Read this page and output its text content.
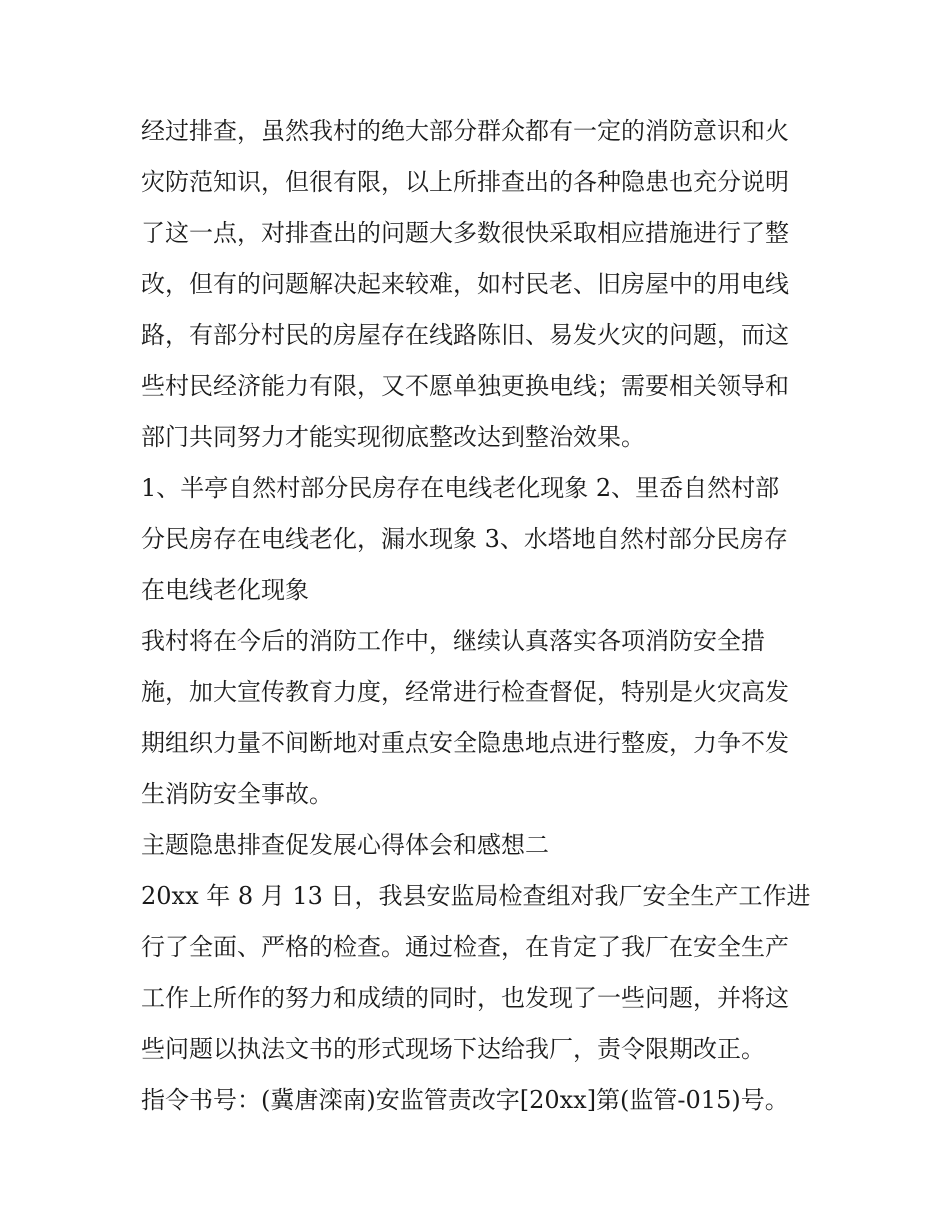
经过排查，虽然我村的绝大部分群众都有一定的消防意识和火
灾防范知识，但很有限，以上所排查出的各种隐患也充分说明
了这一点，对排查出的问题大多数很快采取相应措施进行了整
改，但有的问题解决起来较难，如村民老、旧房屋中的用电线
路，有部分村民的房屋存在线路陈旧、易发火灾的问题，而这
些村民经济能力有限，又不愿单独更换电线；需要相关领导和
部门共同努力才能实现彻底整改达到整治效果。
1、半亭自然村部分民房存在电线老化现象 2、里岙自然村部
分民房存在电线老化，漏水现象 3、水塔地自然村部分民房存
在电线老化现象
我村将在今后的消防工作中，继续认真落实各项消防安全措
施，加大宣传教育力度，经常进行检查督促，特别是火灾高发
期组织力量不间断地对重点安全隐患地点进行整废，力争不发
生消防安全事故。
主题隐患排查促发展心得体会和感想二
20xx 年 8 月 13 日，我县安监局检查组对我厂安全生产工作进
行了全面、严格的检查。通过检查，在肯定了我厂在安全生产
工作上所作的努力和成绩的同时，也发现了一些问题，并将这
些问题以执法文书的形式现场下达给我厂，责令限期改正。
指令书号：(冀唐滦南)安监管责改字[20xx]第(监管-015)号。
